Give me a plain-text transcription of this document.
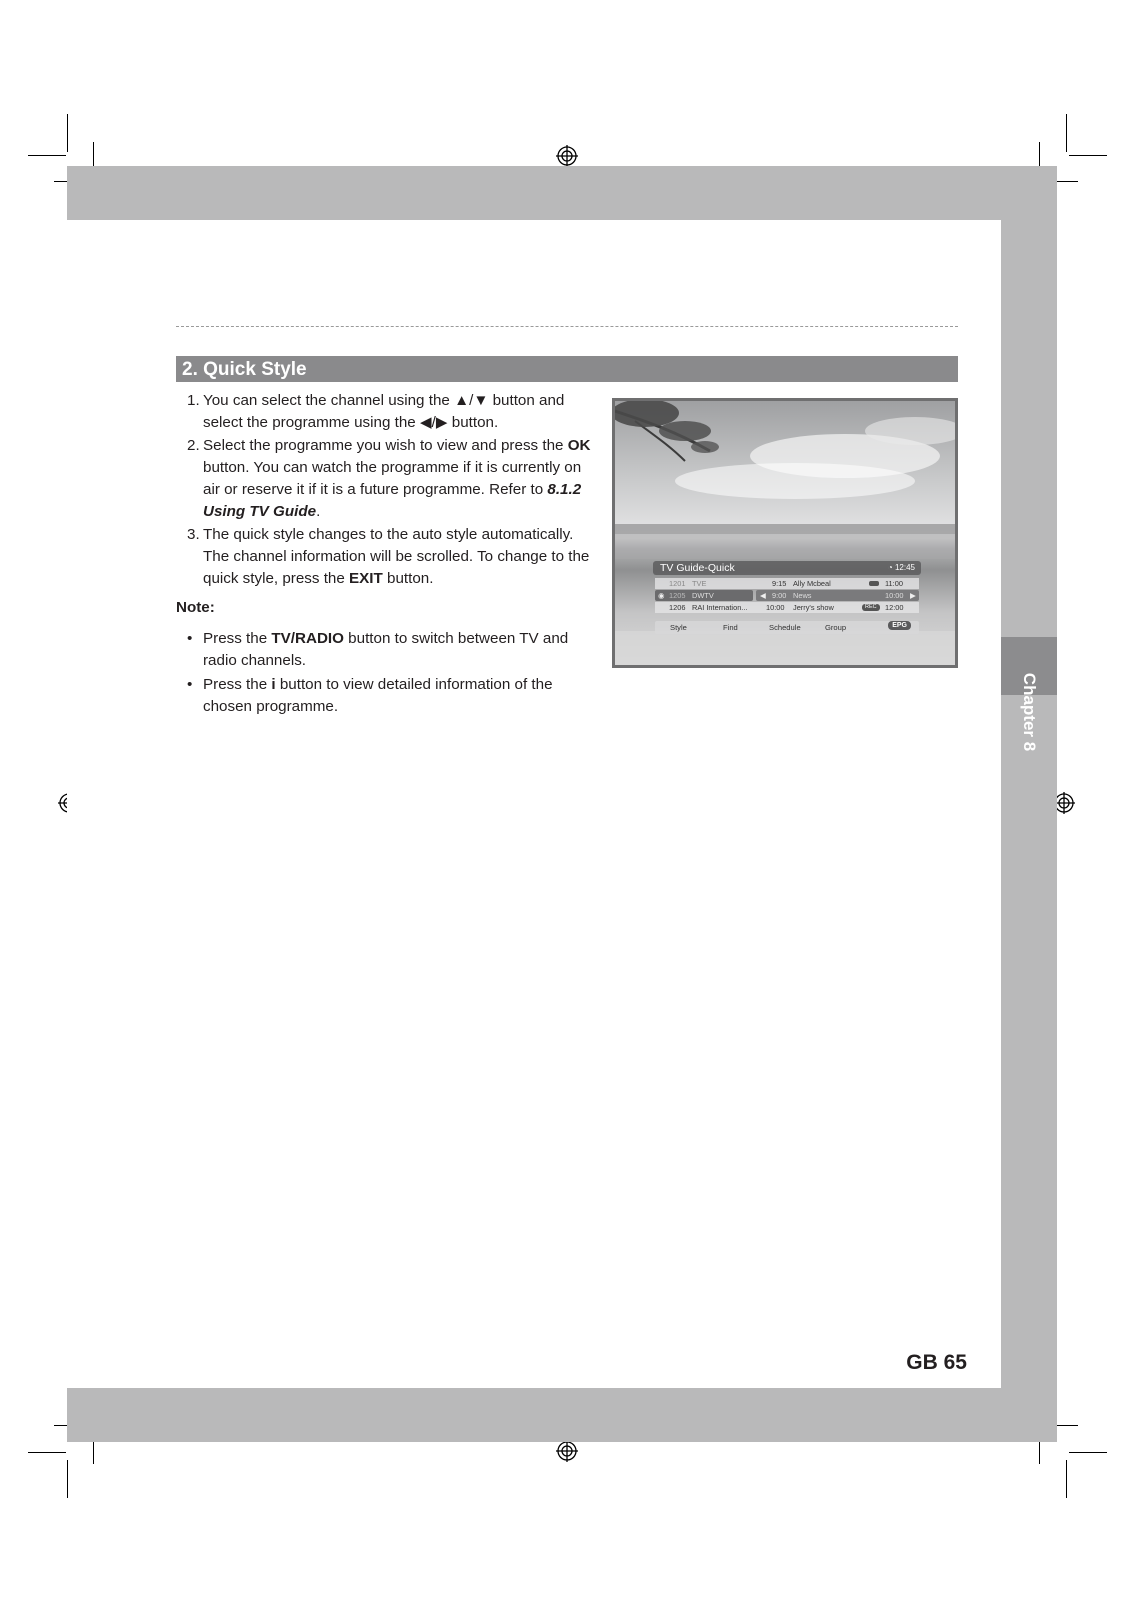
Chapter 8
2. Quick Style
1. You can select the channel using the ▲/▼ button and select the programme using the ◀/▶ button.
2. Select the programme you wish to view and press the OK button. You can watch the programme if it is currently on air or reserve it if it is a future programme. Refer to 8.1.2 Using TV Guide.
3. The quick style changes to the auto style automatically. The channel information will be scrolled. To change to the quick style, press the EXIT button.
Note:
• Press the TV/RADIO button to switch between TV and radio channels.
• Press the i button to view detailed information of the chosen programme.
TV Guide-Quick	◔ 12:45
1201 TVE	9:15 Ally Mcbeal	11:00
◉ 1205 DWTV	◀ 9:00 News	10:00 ▶
1206 RAI Internation...	10:00 Jerry's show	REC	12:00
Style	Find	Schedule	Group	EPG
GB 65
